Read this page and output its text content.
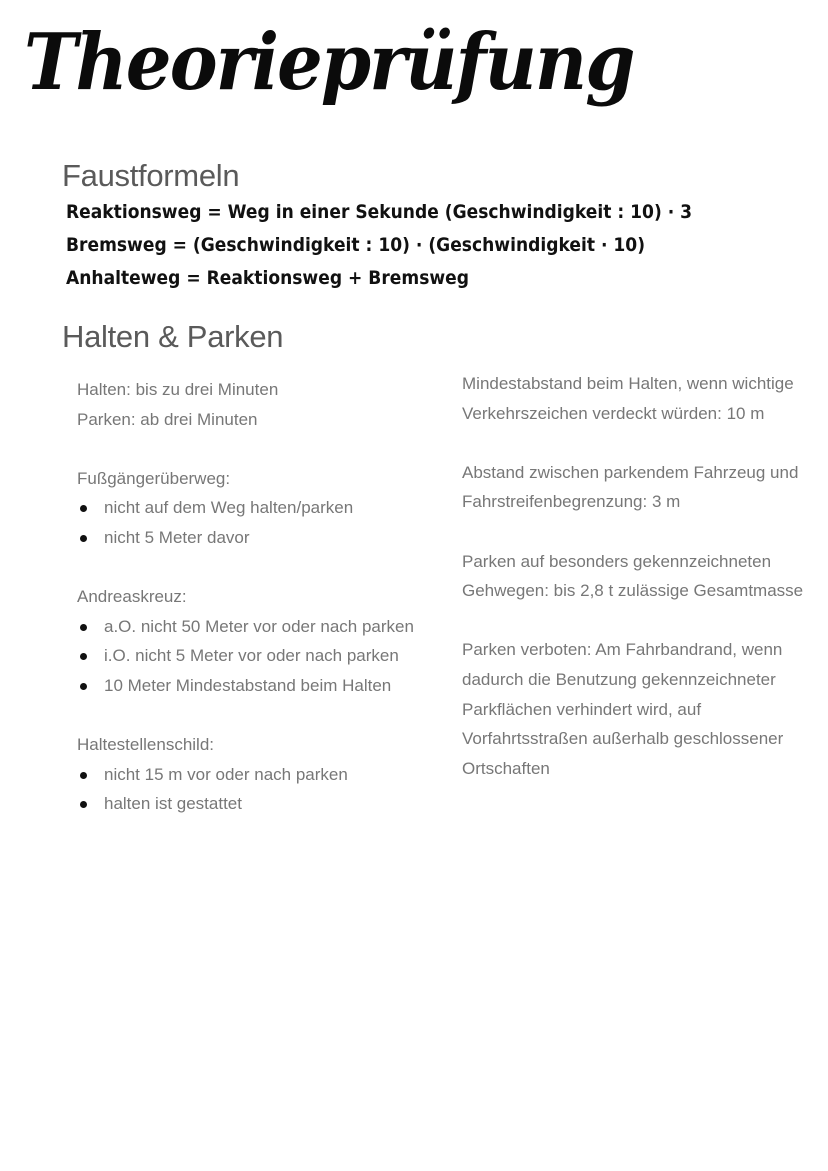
Theorieprüfung
Faustformeln
Reaktionsweg = Weg in einer Sekunde (Geschwindigkeit : 10) · 3
Bremsweg = (Geschwindigkeit : 10) · (Geschwindigkeit · 10)
Anhalteweg = Reaktionsweg + Bremsweg
Halten & Parken
Halten: bis zu drei Minuten
Parken: ab drei Minuten
Fußgängerüberweg:
nicht auf dem Weg halten/parken
nicht 5 Meter davor
Andreaskreuz:
a.O. nicht 50 Meter vor oder nach parken
i.O. nicht 5 Meter vor oder nach parken
10 Meter Mindestabstand beim Halten
Haltestellenschild:
nicht 15 m vor oder nach parken
halten ist gestattet
Mindestabstand beim Halten, wenn wichtige
Verkehrszeichen verdeckt würden: 10 m
Abstand zwischen parkendem Fahrzeug und
Fahrstreifenbegrenzung: 3 m
Parken auf besonders gekennzeichneten
Gehwegen: bis 2,8 t zulässige Gesamtmasse
Parken verboten: Am Fahrbandrand, wenn
dadurch die Benutzung gekennzeichneter
Parkflächen verhindert wird, auf
Vorfahrtsstraßen außerhalb geschlossener
Ortschaften
